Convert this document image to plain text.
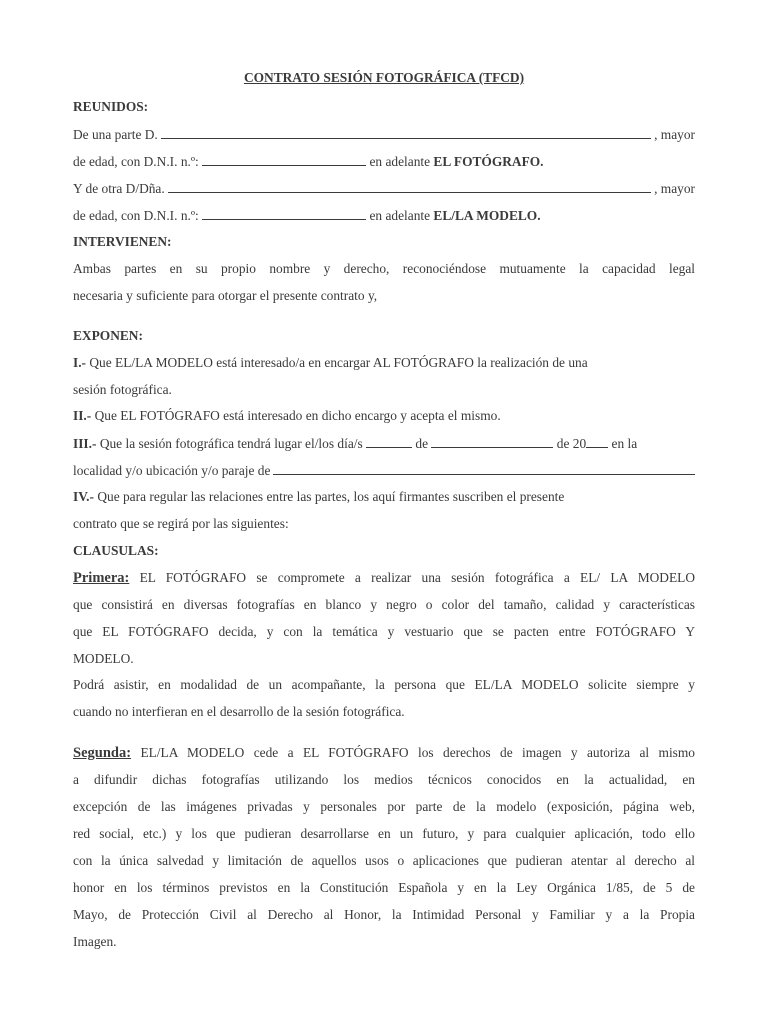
CONTRATO SESIÓN FOTOGRÁFICA (TFCD)
REUNIDOS:
De una parte D.	, mayor
de edad, con D.N.I. n.º:	en adelante EL FOTÓGRAFO.
Y de otra D/Dña.	, mayor
de edad, con D.N.I. n.º:	en adelante EL/LA MODELO.
INTERVIENEN:
Ambas partes en su propio nombre y derecho, reconociéndose mutuamente la capacidad legal
necesaria y suficiente para otorgar el presente contrato y,
EXPONEN:
I.- Que EL/LA MODELO está interesado/a en encargar AL FOTÓGRAFO la realización de una
sesión fotográfica.
II.- Que EL FOTÓGRAFO está interesado en dicho encargo y acepta el mismo.
III.- Que la sesión fotográfica tendrá lugar el/los día/s	de	de 20 en la
localidad y/o ubicación y/o paraje de
IV.- Que para regular las relaciones entre las partes, los aquí firmantes suscriben el presente
contrato que se regirá por las siguientes:
CLAUSULAS:
Primera: EL FOTÓGRAFO se compromete a realizar una sesión fotográfica a EL/ LA MODELO
que consistirá en diversas fotografías en blanco y negro o color del tamaño, calidad y características
que EL FOTÓGRAFO decida, y con la temática y vestuario que se pacten entre FOTÓGRAFO Y
MODELO.
Podrá asistir, en modalidad de un acompañante, la persona que EL/LA MODELO solicite siempre y
cuando no interfieran en el desarrollo de la sesión fotográfica.
Segunda: EL/LA MODELO cede a EL FOTÓGRAFO los derechos de imagen y autoriza al mismo
a difundir dichas fotografías utilizando los medios técnicos conocidos en la actualidad, en
excepción de las imágenes privadas y personales por parte de la modelo (exposición, página web,
red social, etc.) y los que pudieran desarrollarse en un futuro, y para cualquier aplicación, todo ello
con la única salvedad y limitación de aquellos usos o aplicaciones que pudieran atentar al derecho al
honor en los términos previstos en la Constitución Española y en la Ley Orgánica 1/85, de 5 de
Mayo, de Protección Civil al Derecho al Honor, la Intimidad Personal y Familiar y a la Propia
Imagen.
